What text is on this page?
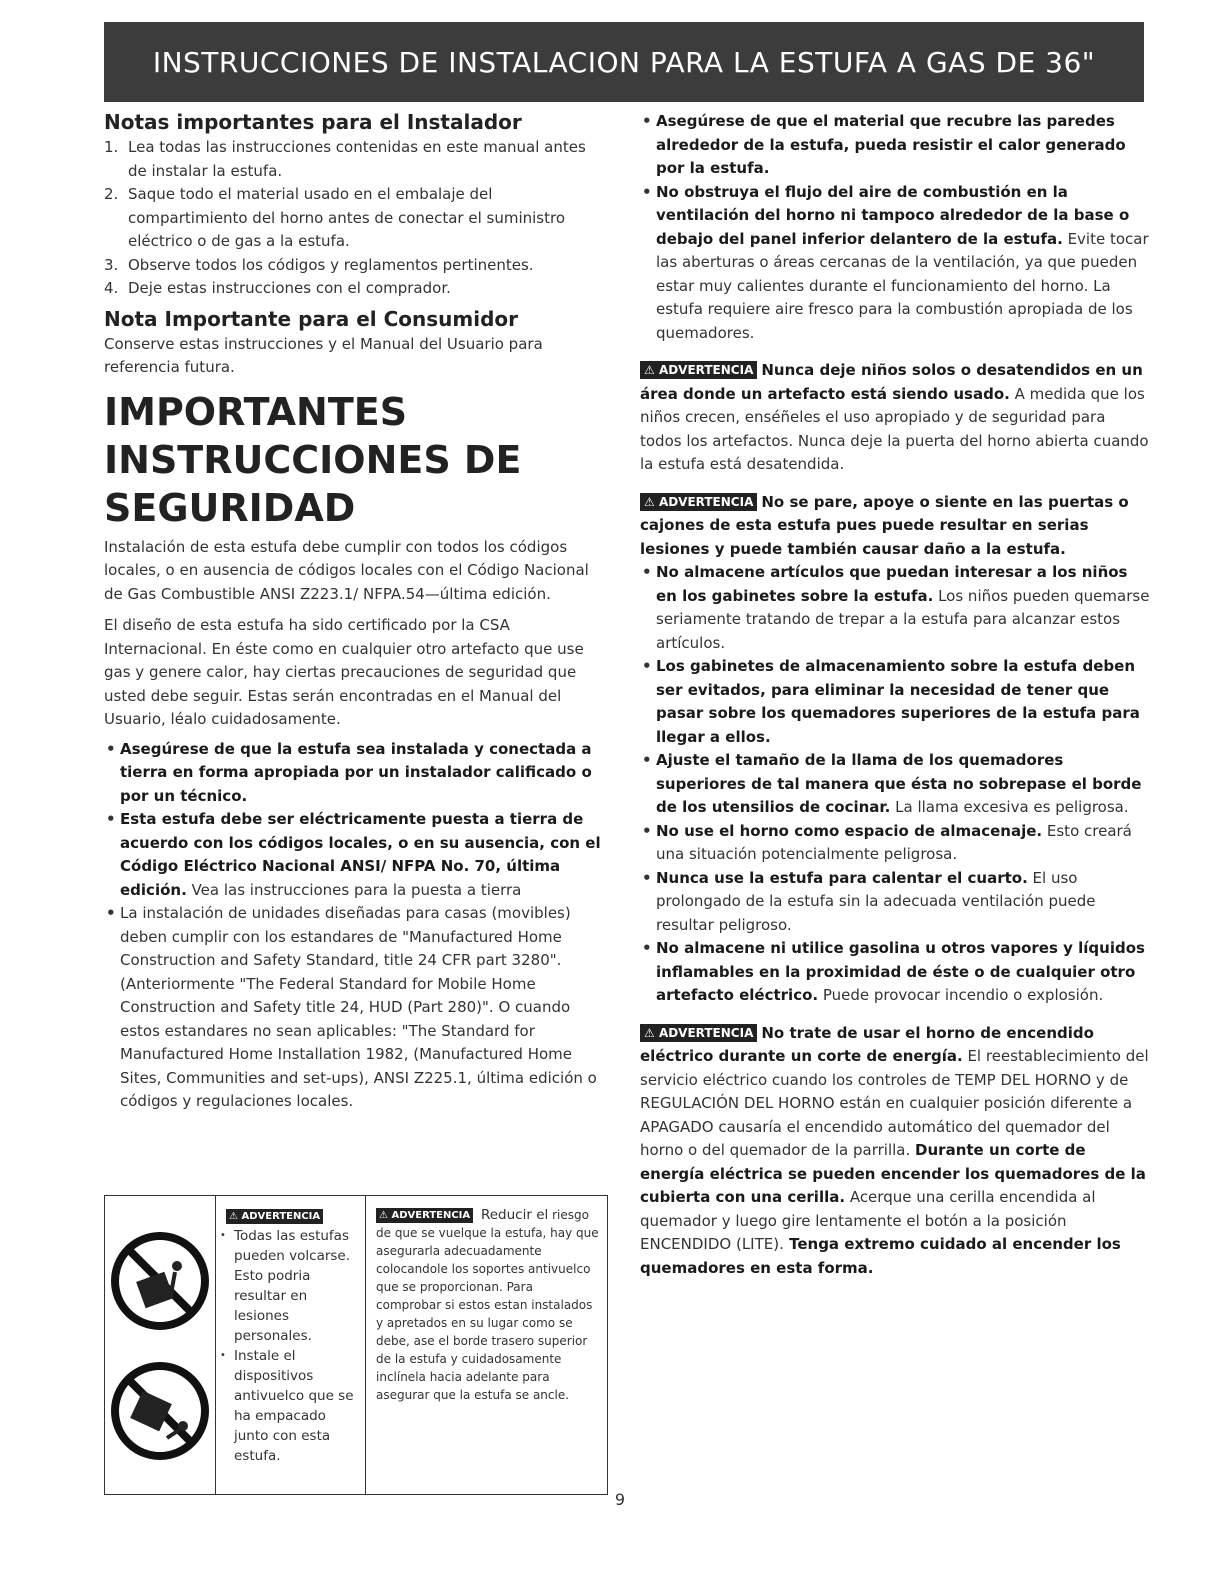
INSTRUCCIONES DE INSTALACION PARA LA ESTUFA A GAS DE 36"
Notas importantes para el Instalador
1. Lea todas las instrucciones contenidas en este manual antes de instalar la estufa.
2. Saque todo el material usado en el embalaje del compartimiento del horno antes de conectar el suministro eléctrico o de gas a la estufa.
3. Observe todos los códigos y reglamentos pertinentes.
4. Deje estas instrucciones con el comprador.
Nota Importante para el Consumidor

Conserve estas instrucciones y el Manual del Usuario para referencia futura.

IMPORTANTES
INSTRUCCIONES DE
SEGURIDAD

Instalación de esta estufa debe cumplir con todos los códigos locales, o en ausencia de códigos locales con el Código Nacional de Gas Combustible ANSI Z223.1/ NFPA.54—última edición.

El diseño de esta estufa ha sido certificado por la CSA Internacional. En éste como en cualquier otro artefacto que use gas y genere calor, hay ciertas precauciones de seguridad que usted debe seguir. Estas serán encontradas en el Manual del Usuario, léalo cuidadosamente.

• Asegúrese de que la estufa sea instalada y conectada a tierra en forma apropiada por un instalador calificado o por un técnico.
• Esta estufa debe ser eléctricamente puesta a tierra de acuerdo con los códigos locales, o en su ausencia, con el Código Eléctrico Nacional ANSI/ NFPA No. 70, última edición. Vea las instrucciones para la puesta a tierra
• La instalación de unidades diseñadas para casas (movibles) deben cumplir con los estandares de "Manufactured Home Construction and Safety Standard, title 24 CFR part 3280". (Anteriormente "The Federal Standard for Mobile Home Construction and Safety title 24, HUD (Part 280)". O cuando estos estandares no sean aplicables: "The Standard for Manufactured Home Installation 1982, (Manufactured Home Sites, Communities and set-ups), ANSI Z225.1, última edición o códigos y regulaciones locales.
⚠ ADVERTENCIA
• Todas las estufas pueden volcarse. Esto podria resultar en lesiones personales.
• Instale el dispositivos antivuelco que se ha empacado junto con esta estufa.
⚠ ADVERTENCIA Reducir el riesgo de que se vuelque la estufa, hay que asegurarla adecuadamente colocandole los soportes antivuelco que se proporcionan. Para comprobar si estos estan instalados y apretados en su lugar como se debe, ase el borde trasero superior de la estufa y cuidadosamente inclínela hacia adelante para asegurar que la estufa se ancle.
• Asegúrese de que el material que recubre las paredes alrededor de la estufa, pueda resistir el calor generado por la estufa.
• No obstruya el flujo del aire de combustión en la ventilación del horno ni tampoco alrededor de la base o debajo del panel inferior delantero de la estufa. Evite tocar las aberturas o áreas cercanas de la ventilación, ya que pueden estar muy calientes durante el funcionamiento del horno. La estufa requiere aire fresco para la combustión apropiada de los quemadores.
⚠ ADVERTENCIA Nunca deje niños solos o desatendidos en un área donde un artefacto está siendo usado. A medida que los niños crecen, enséñeles el uso apropiado y de seguridad para todos los artefactos. Nunca deje la puerta del horno abierta cuando la estufa está desatendida.
⚠ ADVERTENCIA No se pare, apoye o siente en las puertas o cajones de esta estufa pues puede resultar en serias lesiones y puede también causar daño a la estufa.
• No almacene artículos que puedan interesar a los niños en los gabinetes sobre la estufa. Los niños pueden quemarse seriamente tratando de trepar a la estufa para alcanzar estos artículos.
• Los gabinetes de almacenamiento sobre la estufa deben ser evitados, para eliminar la necesidad de tener que pasar sobre los quemadores superiores de la estufa para llegar a ellos.
• Ajuste el tamaño de la llama de los quemadores superiores de tal manera que ésta no sobrepase el borde de los utensilios de cocinar. La llama excesiva es peligrosa.
• No use el horno como espacio de almacenaje. Esto creará una situación potencialmente peligrosa.
• Nunca use la estufa para calentar el cuarto. El uso prolongado de la estufa sin la adecuada ventilación puede resultar peligroso.
• No almacene ni utilice gasolina u otros vapores y líquidos inflamables en la proximidad de éste o de cualquier otro artefacto eléctrico. Puede provocar incendio o explosión.
⚠ ADVERTENCIA No trate de usar el horno de encendido eléctrico durante un corte de energía. El reestablecimiento del servicio eléctrico cuando los controles de TEMP DEL HORNO y de REGULACIÓN DEL HORNO están en cualquier posición diferente a APAGADO causaría el encendido automático del quemador del horno o del quemador de la parrilla. Durante un corte de energía eléctrica se pueden encender los quemadores de la cubierta con una cerilla. Acerque una cerilla encendida al quemador y luego gire lentamente el botón a la posición ENCENDIDO (LITE). Tenga extremo cuidado al encender los quemadores en esta forma.
9
